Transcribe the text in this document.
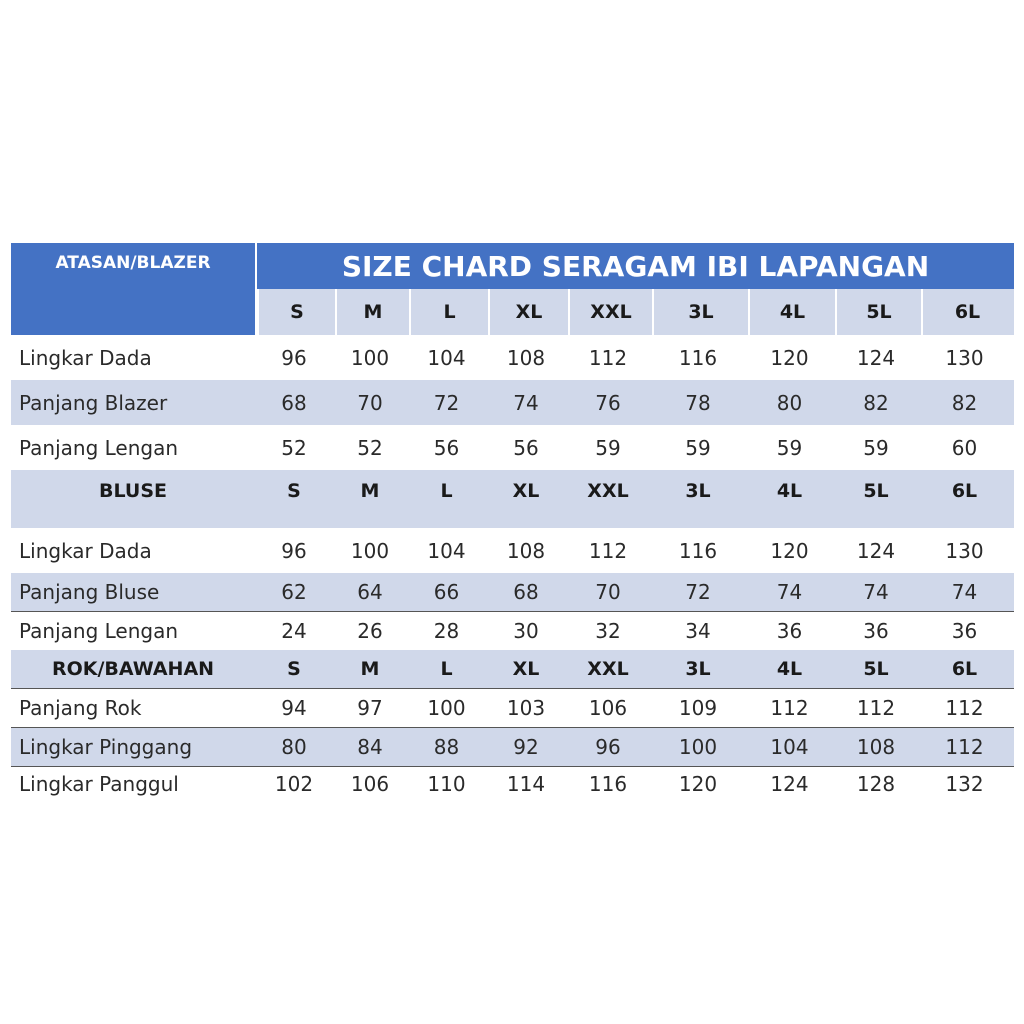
ATASAN/BLAZER	SIZE CHARD SERAGAM IBI LAPANGAN
S	M	L	XL	XXL	3L	4L	5L	6L
Lingkar Dada	96	100	104	108	112	116	120	124	130
Panjang Blazer	68	70	72	74	76	78	80	82	82
Panjang Lengan	52	52	56	56	59	59	59	59	60
BLUSE	S	M	L	XL	XXL	3L	4L	5L	6L
Lingkar Dada	96	100	104	108	112	116	120	124	130
Panjang Bluse	62	64	66	68	70	72	74	74	74
Panjang Lengan	24	26	28	30	32	34	36	36	36
ROK/BAWAHAN	S	M	L	XL	XXL	3L	4L	5L	6L
Panjang Rok	94	97	100	103	106	109	112	112	112
Lingkar Pinggang	80	84	88	92	96	100	104	108	112
Lingkar Panggul	102	106	110	114	116	120	124	128	132
